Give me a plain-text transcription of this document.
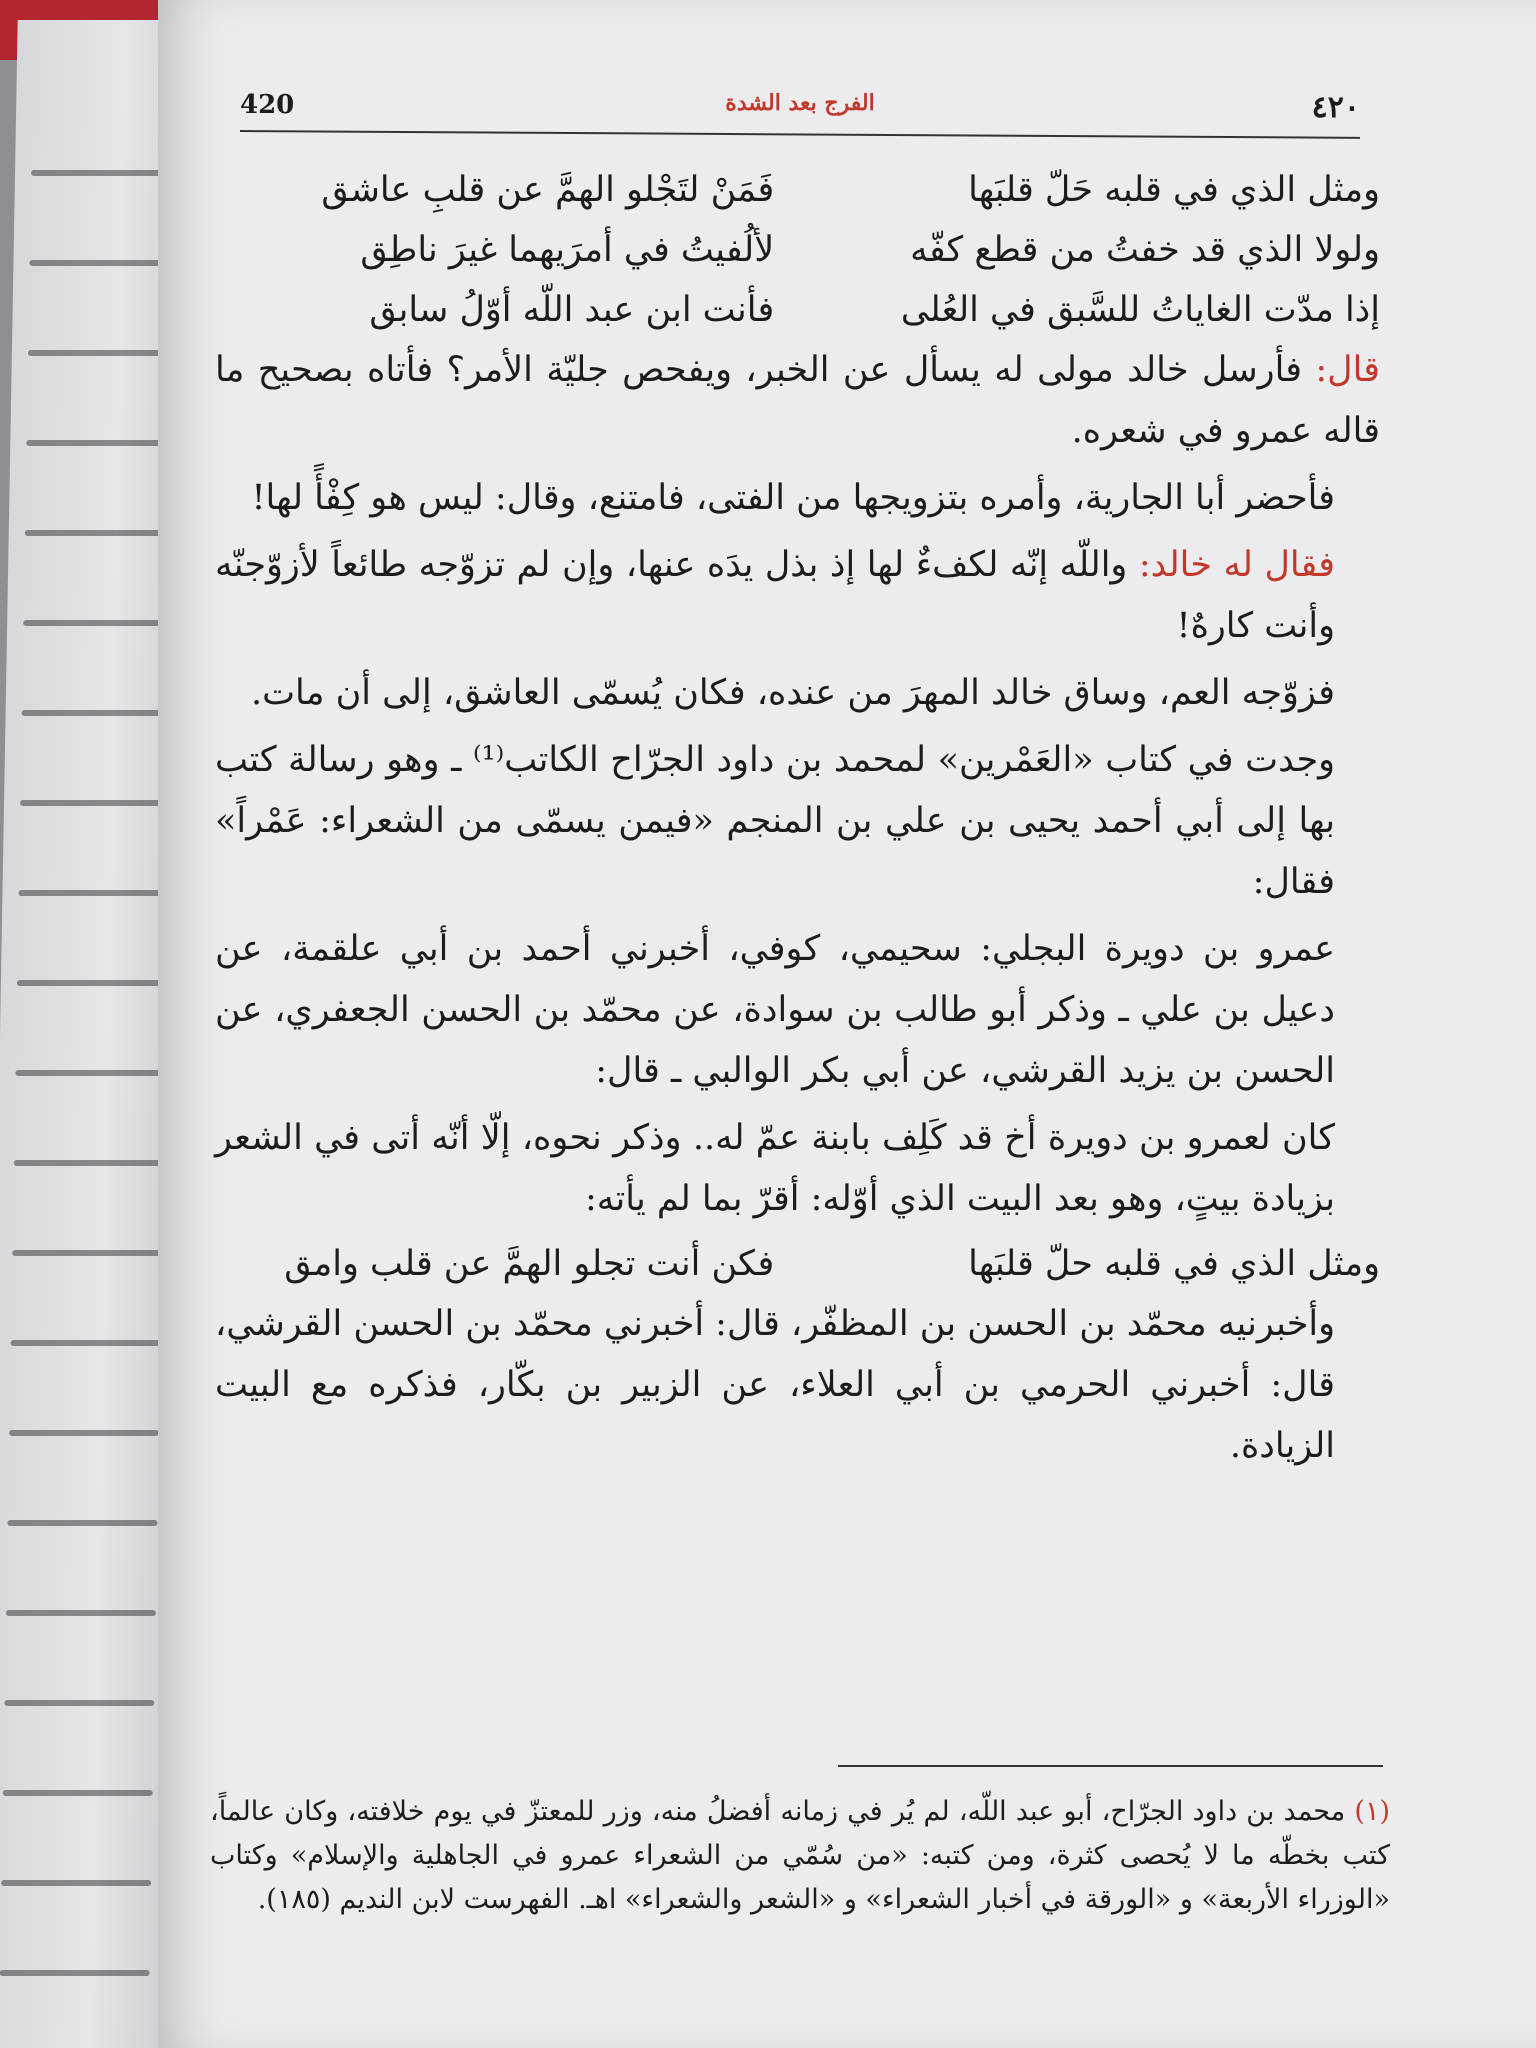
٤٢٠
الفرج بعد الشدة
420
ومثل الذي في قلبه حَلّ قلبَها
فَمَنْ لتَجْلو الهمَّ عن قلبِ عاشق
ولولا الذي قد خفتُ من قطع كفّه
لألُفيتُ في أمرَيهما غيرَ ناطِق
إذا مدّت الغاياتُ للسَّبق في العُلى
فأنت ابن عبد اللّه أوّلُ سابق

قال: فأرسل خالد مولى له يسأل عن الخبر، ويفحص جليّة الأمر؟ فأتاه بصحيح ما قاله عمرو في شعره.

فأحضر أبا الجارية، وأمره بتزويجها من الفتى، فامتنع، وقال: ليس هو كِفْأً لها!

فقال له خالد: واللّه إنّه لكفءٌ لها إذ بذل يدَه عنها، وإن لم تزوّجه طائعاً لأزوّجنّه وأنت كارهٌ!

فزوّجه العم، وساق خالد المهرَ من عنده، فكان يُسمّى العاشق، إلى أن مات.

وجدت في كتاب «العَمْرين» لمحمد بن داود الجرّاح الكاتب⁽¹⁾ ـ وهو رسالة كتب بها إلى أبي أحمد يحيى بن علي بن المنجم «فيمن يسمّى من الشعراء: عَمْراً» فقال:

عمرو بن دويرة البجلي: سحيمي، كوفي، أخبرني أحمد بن أبي علقمة، عن دعيل بن علي ـ وذكر أبو طالب بن سوادة، عن محمّد بن الحسن الجعفري، عن الحسن بن يزيد القرشي، عن أبي بكر الوالبي ـ قال:

كان لعمرو بن دويرة أخ قد كَلِف بابنة عمّ له.. وذكر نحوه، إلّا أنّه أتى في الشعر بزيادة بيتٍ، وهو بعد البيت الذي أوّله: أقرّ بما لم يأته:

ومثل الذي في قلبه حلّ قلبَها
فكن أنت تجلو الهمَّ عن قلب وامق

وأخبرنيه محمّد بن الحسن بن المظفّر، قال: أخبرني محمّد بن الحسن القرشي، قال: أخبرني الحرمي بن أبي العلاء، عن الزبير بن بكّار، فذكره مع البيت الزيادة.

(١) محمد بن داود الجرّاح، أبو عبد اللّه، لم يُر في زمانه أفضلُ منه، وزر للمعتزّ في يوم خلافته، وكان عالماً، كتب بخطّه ما لا يُحصى كثرة، ومن كتبه: «من سُمّي من الشعراء عمرو في الجاهلية والإسلام» وكتاب «الوزراء الأربعة» و «الورقة في أخبار الشعراء» و «الشعر والشعراء» اهـ. الفهرست لابن النديم (١٨٥).
